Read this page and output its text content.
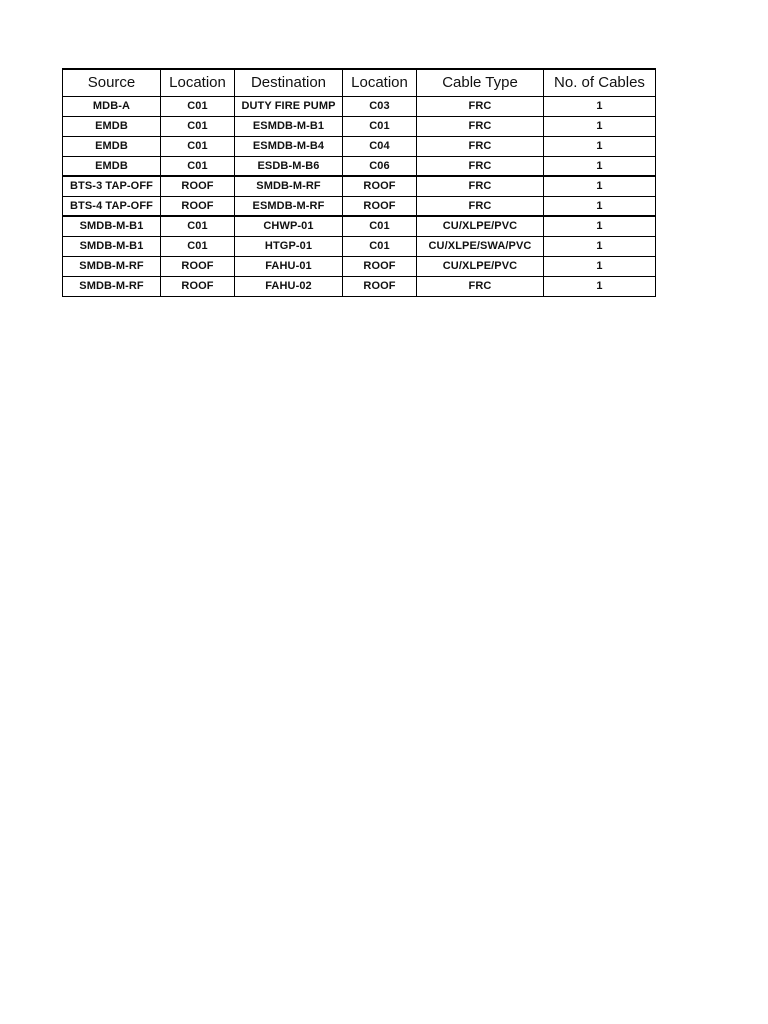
Source	Location	Destination	Location	Cable Type	No. of Cables
MDB-A	C01	DUTY FIRE PUMP	C03	FRC	1
EMDB	C01	ESMDB-M-B1	C01	FRC	1
EMDB	C01	ESMDB-M-B4	C04	FRC	1
EMDB	C01	ESDB-M-B6	C06	FRC	1
BTS-3 TAP-OFF	ROOF	SMDB-M-RF	ROOF	FRC	1
BTS-4 TAP-OFF	ROOF	ESMDB-M-RF	ROOF	FRC	1
SMDB-M-B1	C01	CHWP-01	C01	CU/XLPE/PVC	1
SMDB-M-B1	C01	HTGP-01	C01	CU/XLPE/SWA/PVC	1
SMDB-M-RF	ROOF	FAHU-01	ROOF	CU/XLPE/PVC	1
SMDB-M-RF	ROOF	FAHU-02	ROOF	FRC	1
